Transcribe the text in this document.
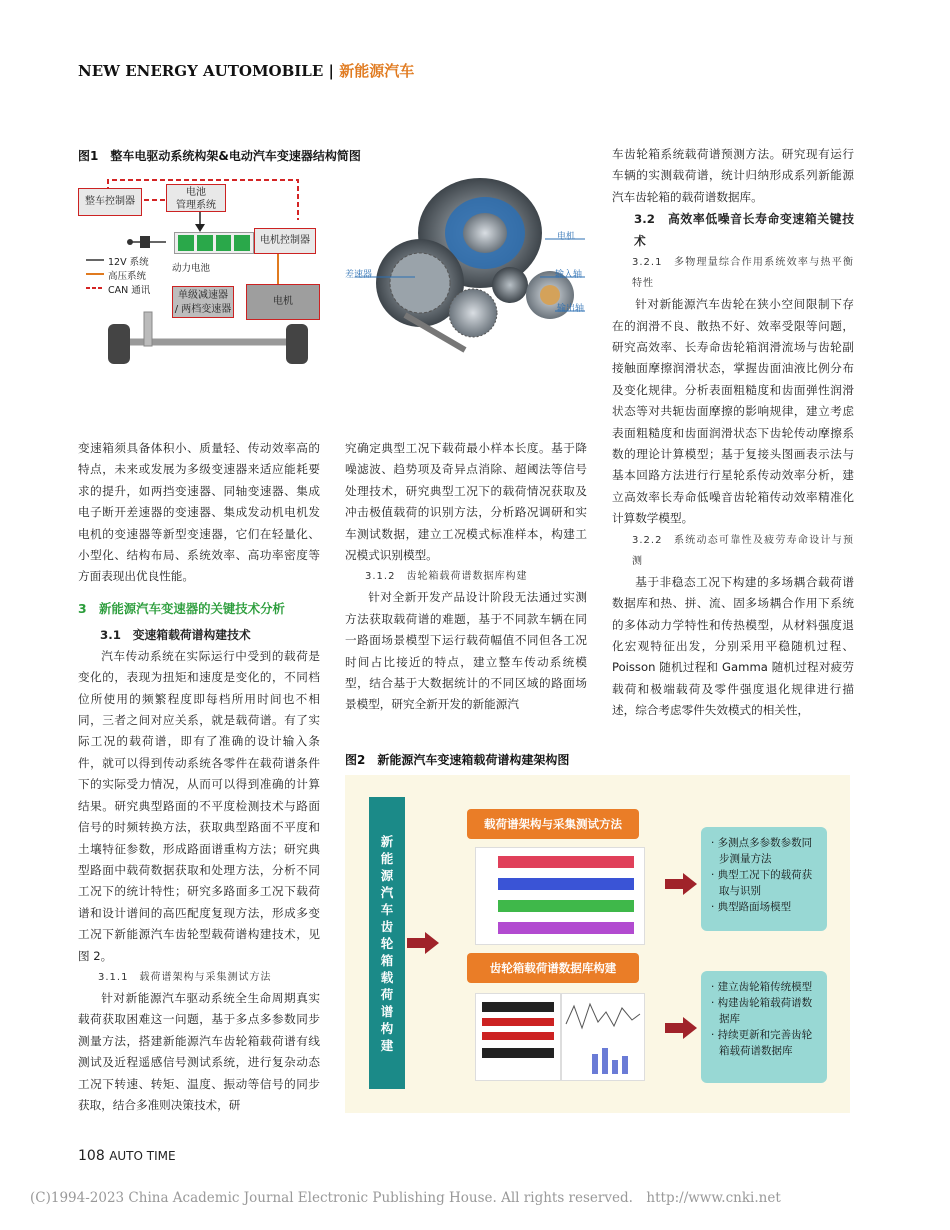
NEW ENERGY AUTOMOBILE | 新能源汽车
图1　整车电驱动系统构架&电动汽车变速器结构简图
整车控制器
电池
管理系统
动力电池
电机控制器
单级减速器
/ 两档变速器
电机
12V 系统
高压系统
CAN 通讯
电机
输入轴
输出轴
差速器

变速箱须具备体积小、质量轻、传动效率高的特点，未来或发展为多级变速器来适应能耗要求的提升，如两挡变速器、同轴变速器、集成电子断开差速器的变速器、集成发动机电机发电机的变速器等新型变速器，它们在轻量化、小型化、结构布局、系统效率、高功率密度等方面表现出优良性能。

3　新能源汽车变速器的关键技术分析
3.1　变速箱载荷谱构建技术

汽车传动系统在实际运行中受到的载荷是变化的，表现为扭矩和速度是变化的，不同档位所使用的频繁程度即每档所用时间也不相同，三者之间对应关系，就是载荷谱。有了实际工况的载荷谱，即有了准确的设计输入条件，就可以得到传动系统各零件在载荷谱条件下的实际受力情况，从而可以得到准确的计算结果。研究典型路面的不平度检测技术与路面信号的时频转换方法，获取典型路面不平度和土壤特征参数，形成路面谱重构方法；研究典型路面中载荷数据获取和处理方法，分析不同工况下的统计特性；研究多路面多工况下载荷谱和设计谱间的高匹配度复现方法，形成多变工况下新能源汽车齿轮型载荷谱构建技术，见图 2。

3.1.1　载荷谱架构与采集测试方法

针对新能源汽车驱动系统全生命周期真实载荷获取困难这一问题，基于多点多参数同步测量方法，搭建新能源汽车齿轮箱载荷谱有线测试及近程遥感信号测试系统，进行复杂动态工况下转速、转矩、温度、振动等信号的同步获取，结合多准则决策技术，研

究确定典型工况下载荷最小样本长度。基于降噪滤波、趋势项及奇异点消除、超阈法等信号处理技术，研究典型工况下的载荷情况获取及冲击极值载荷的识别方法，分析路况调研和实车测试数据，建立工况模式标准样本，构建工况模式识别模型。

3.1.2　齿轮箱载荷谱数据库构建

针对全新开发产品设计阶段无法通过实测方法获取载荷谱的难题，基于不同款车辆在同一路面场景模型下运行载荷幅值不同但各工况时间占比接近的特点，建立整车传动系统模型，结合基于大数据统计的不同区域的路面场景模型，研究全新开发的新能源汽

车齿轮箱系统载荷谱预测方法。研究现有运行车辆的实测载荷谱，统计归纳形成系列新能源汽车齿轮箱的载荷谱数据库。

3.2　高效率低噪音长寿命变速箱关键技术
3.2.1　多物理量综合作用系统效率与热平衡特性

针对新能源汽车齿轮在狭小空间限制下存在的润滑不良、散热不好、效率受限等问题，研究高效率、长寿命齿轮箱润滑流场与齿轮副接触面摩擦润滑状态，掌握齿面油液比例分布及变化规律。分析表面粗糙度和齿面弹性润滑状态等对共轭齿面摩擦的影响规律，建立考虑表面粗糙度和齿面润滑状态下齿轮传动摩擦系数的理论计算模型；基于复接头图画表示法与基本回路方法进行行星轮系传动效率分析，建立高效率长寿命低噪音齿轮箱传动效率精准化计算数学模型。

3.2.2　系统动态可靠性及疲劳寿命设计与预测

基于非稳态工况下构建的多场耦合载荷谱数据库和热、拼、流、固多场耦合作用下系统的多体动力学特性和传热模型，从材料强度退化宏观特征出发，分别采用平稳随机过程、Poisson 随机过程和 Gamma 随机过程对疲劳载荷和极端载荷及零件强度退化规律进行描述，综合考虑零件失效模式的相关性，

图2　新能源汽车变速箱载荷谱构建架构图
新
能
源
汽
车
齿
轮
箱
载
荷
谱
构
建
载荷谱架构与采集测试方法
齿轮箱载荷谱数据库构建
· 多测点多参数参数同步测量方法
· 典型工况下的载荷获取与识别
· 典型路面场模型
· 建立齿轮箱传统模型
· 构建齿轮箱载荷谱数据库
· 持续更新和完善齿轮箱载荷谱数据库
108 AUTO TIME
(C)1994-2023 China Academic Journal Electronic Publishing House. All rights reserved.　http://www.cnki.net
